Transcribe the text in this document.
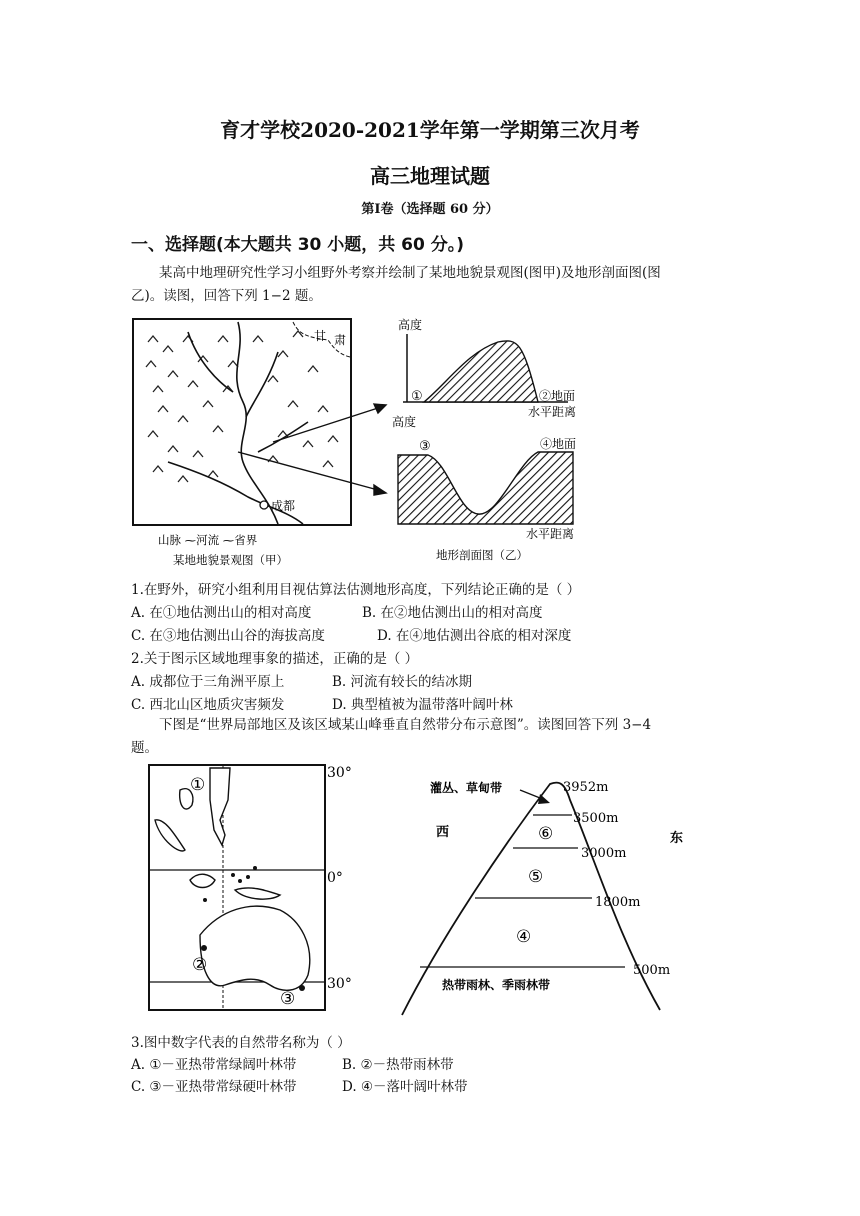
育才学校2020-2021学年第一学期第三次月考
高三地理试题
第Ⅰ卷（选择题 60 分）
一、选择题(本大题共 30 小题，共 60 分。)
某高中地理研究性学习小组野外考察并绘制了某地地貌景观图(图甲)及地形剖面图(图
乙)。读图，回答下列 1−2 题。
甘 肃
成都
山脉 ⁓河流 ⁓省界
某地地貌景观图（甲）
高度
①	②地面
水平距离
高度
③	④地面
水平距离
地形剖面图（乙）
1.在野外，研究小组利用目视估算法估测地形高度，下列结论正确的是（ ）
A. 在①地估测出山的相对高度	B. 在②地估测出山的相对高度
C. 在③地估测出山谷的海拔高度	D. 在④地估测出谷底的相对深度
2.关于图示区域地理事象的描述，正确的是（ ）
A. 成都位于三角洲平原上	B. 河流有较长的结冰期
C. 西北山区地质灾害频发	D. 典型植被为温带落叶阔叶林
下图是“世界局部地区及该区域某山峰垂直自然带分布示意图”。读图回答下列 3−4
题。
①
②
③
30°
0°
30°
灌丛、草甸带
西	东
⑥
⑤
④
3952m
3500m
3000m
1800m
500m
热带雨林、季雨林带
3.图中数字代表的自然带名称为（ ）
A. ①－亚热带常绿阔叶林带	B. ②－热带雨林带
C. ③－亚热带常绿硬叶林带	D. ④－落叶阔叶林带
